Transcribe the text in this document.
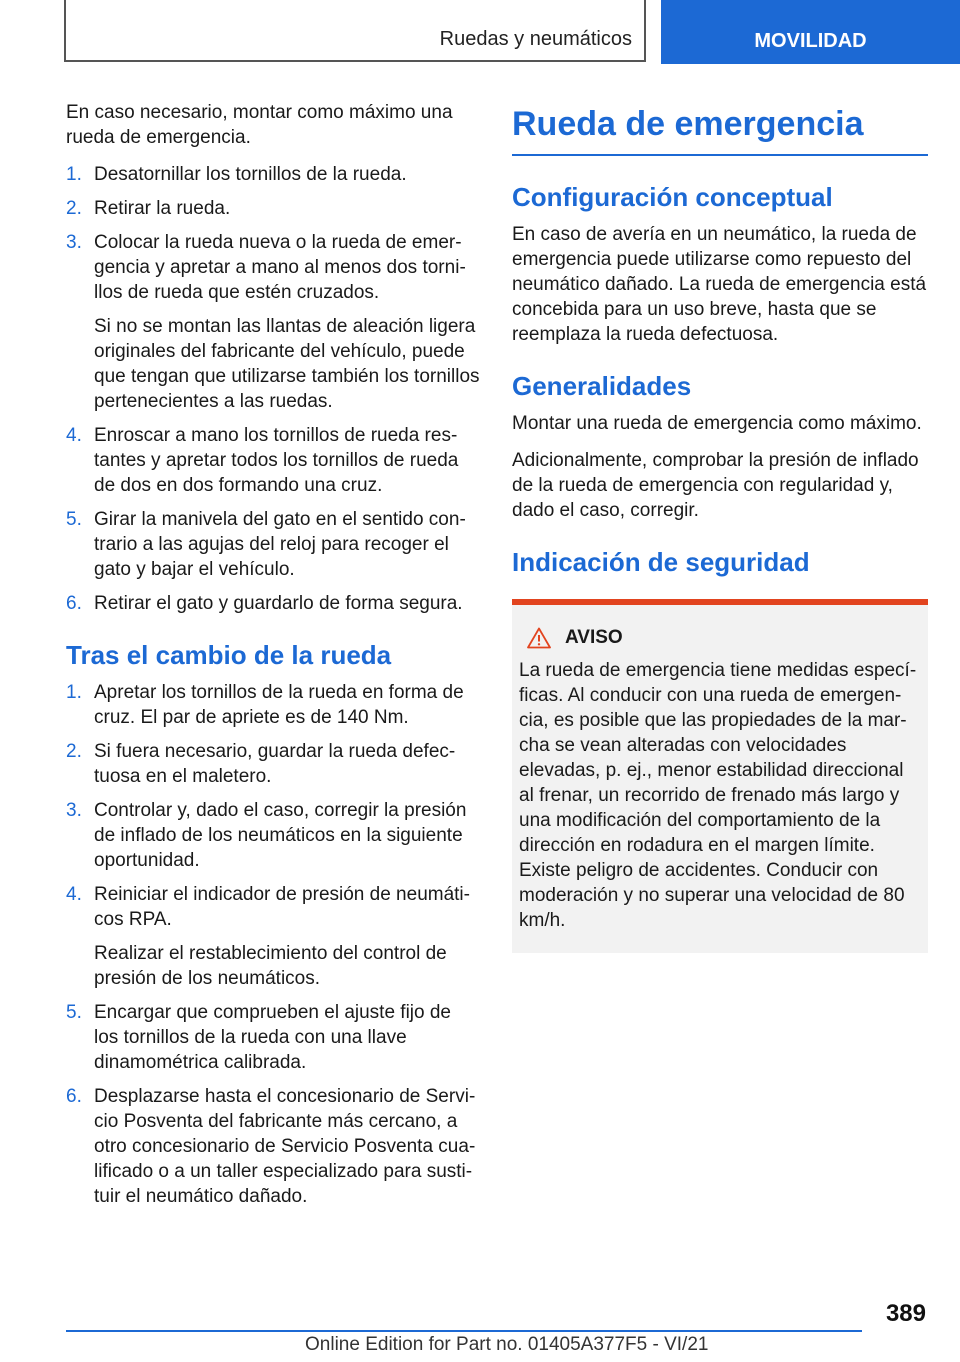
Ruedas y neumáticos	MOVILIDAD

En caso necesario, montar como máximo una rueda de emergencia.

1. Desatornillar los tornillos de la rueda.
2. Retirar la rueda.
3. Colocar la rueda nueva o la rueda de emergencia y apretar a mano al menos dos tornillos de rueda que estén cruzados.
Si no se montan las llantas de aleación ligera originales del fabricante del vehículo, puede que tengan que utilizarse también los tornillos pertenecientes a las ruedas.
4. Enroscar a mano los tornillos de rueda restantes y apretar todos los tornillos de rueda de dos en dos formando una cruz.
5. Girar la manivela del gato en el sentido contrario a las agujas del reloj para recoger el gato y bajar el vehículo.
6. Retirar el gato y guardarlo de forma segura.
Tras el cambio de la rueda
1. Apretar los tornillos de la rueda en forma de cruz. El par de apriete es de 140 Nm.
2. Si fuera necesario, guardar la rueda defectuosa en el maletero.
3. Controlar y, dado el caso, corregir la presión de inflado de los neumáticos en la siguiente oportunidad.
4. Reiniciar el indicador de presión de neumáticos RPA.
Realizar el restablecimiento del control de presión de los neumáticos.
5. Encargar que comprueben el ajuste fijo de los tornillos de la rueda con una llave dinamométrica calibrada.
6. Desplazarse hasta el concesionario de Servicio Posventa del fabricante más cercano, a otro concesionario de Servicio Posventa cualificado o a un taller especializado para sustituir el neumático dañado.
Rueda de emergencia
Configuración conceptual

En caso de avería en un neumático, la rueda de emergencia puede utilizarse como repuesto del neumático dañado. La rueda de emergencia está concebida para un uso breve, hasta que se reemplaza la rueda defectuosa.

Generalidades

Montar una rueda de emergencia como máximo.

Adicionalmente, comprobar la presión de inflado de la rueda de emergencia con regularidad y, dado el caso, corregir.

Indicación de seguridad
AVISO
La rueda de emergencia tiene medidas específicas. Al conducir con una rueda de emergencia, es posible que las propiedades de la marcha se vean alteradas con velocidades elevadas, p. ej., menor estabilidad direccional al frenar, un recorrido de frenado más largo y una modificación del comportamiento de la dirección en rodadura en el margen límite. Existe peligro de accidentes. Conducir con moderación y no superar una velocidad de 80 km/h.
389
Online Edition for Part no. 01405A377F5 - VI/21
